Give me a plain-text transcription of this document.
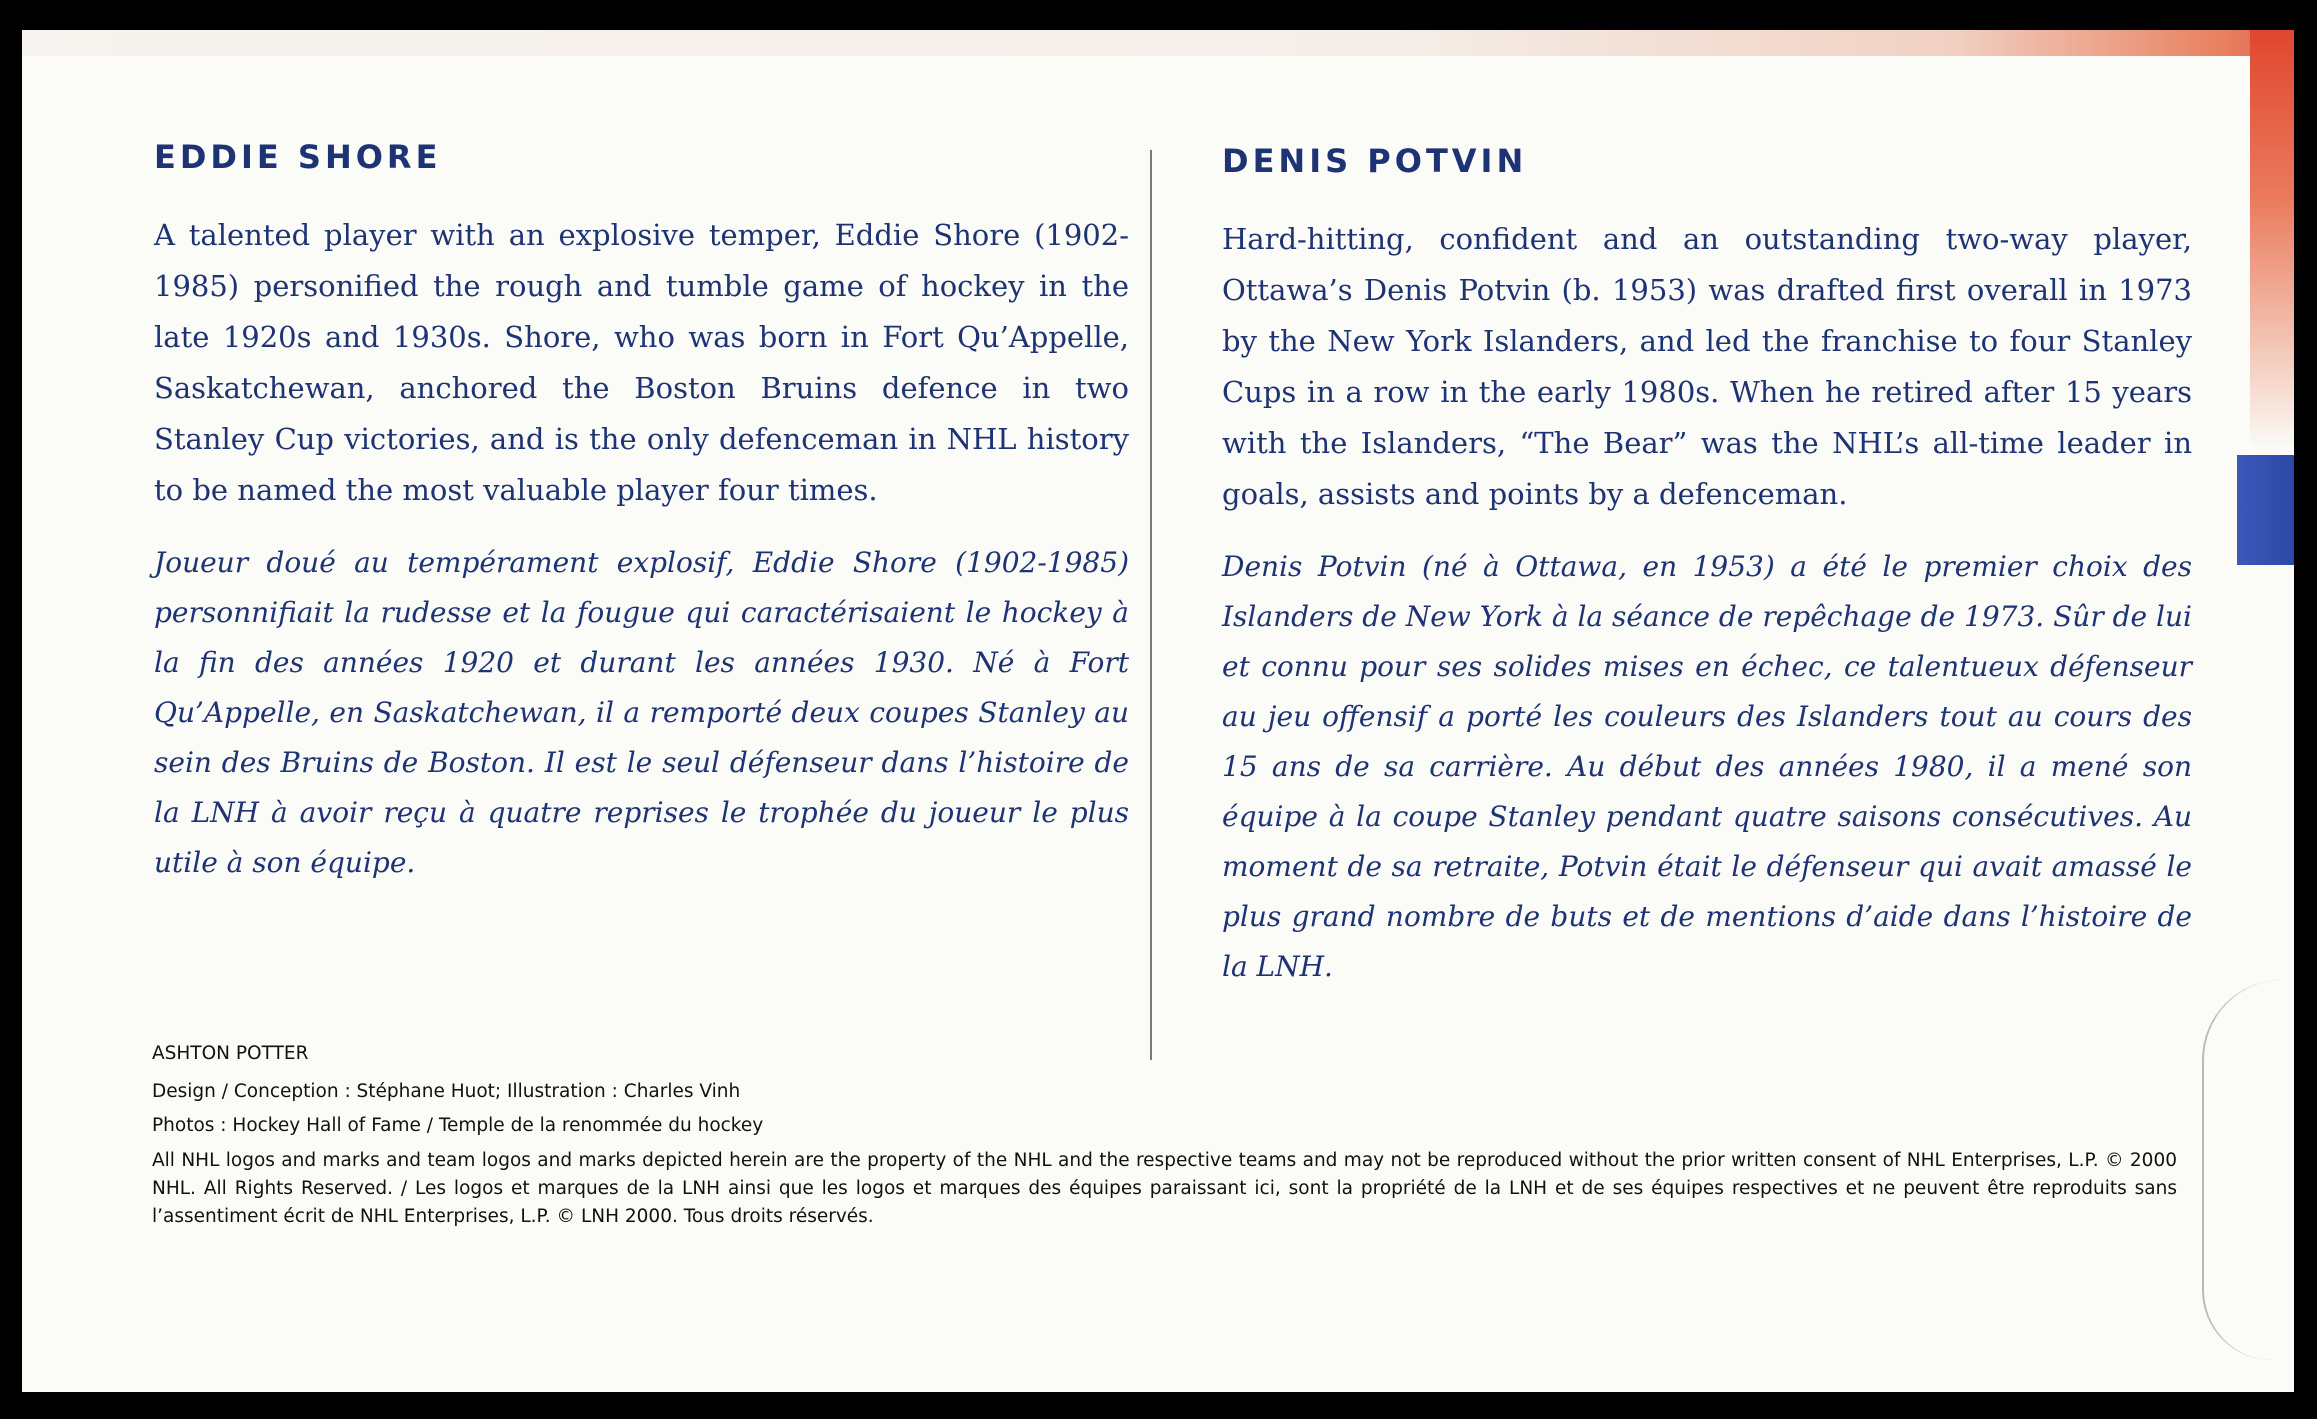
EDDIE SHORE

A talented player with an explosive temper, Eddie Shore (1902-1985) personified the rough and tumble game of hockey in the late 1920s and 1930s. Shore, who was born in Fort Qu’Appelle, Saskatchewan, anchored the Boston Bruins defence in two Stanley Cup victories, and is the only defenceman in NHL history to be named the most valuable player four times.

Joueur doué au tempérament explosif, Eddie Shore (1902-1985) personnifiait la rudesse et la fougue qui caractérisaient le hockey à la fin des années 1920 et durant les années 1930. Né à Fort Qu’Appelle, en Saskatchewan, il a remporté deux coupes Stanley au sein des Bruins de Boston. Il est le seul défenseur dans l’histoire de la LNH à avoir reçu à quatre reprises le trophée du joueur le plus utile à son équipe.

DENIS POTVIN

Hard-hitting, confident and an outstanding two-way player, Ottawa’s Denis Potvin (b. 1953) was drafted first overall in 1973 by the New York Islanders, and led the franchise to four Stanley Cups in a row in the early 1980s. When he retired after 15 years with the Islanders, “The Bear” was the NHL’s all-time leader in goals, assists and points by a defenceman.

Denis Potvin (né à Ottawa, en 1953) a été le premier choix des Islanders de New York à la séance de repêchage de 1973. Sûr de lui et connu pour ses solides mises en échec, ce talentueux défenseur au jeu offensif a porté les couleurs des Islanders tout au cours des 15 ans de sa carrière. Au début des années 1980, il a mené son équipe à la coupe Stanley pendant quatre saisons consécutives. Au moment de sa retraite, Potvin était le défenseur qui avait amassé le plus grand nombre de buts et de mentions d’aide dans l’histoire de la LNH.

ASHTON POTTER

Design / Conception : Stéphane Huot; Illustration : Charles Vinh

Photos : Hockey Hall of Fame / Temple de la renommée du hockey

All NHL logos and marks and team logos and marks depicted herein are the property of the NHL and the respective teams and may not be reproduced without the prior written consent of NHL Enterprises, L.P. © 2000 NHL. All Rights Reserved. / Les logos et marques de la LNH ainsi que les logos et marques des équipes paraissant ici, sont la propriété de la LNH et de ses équipes respectives et ne peuvent être reproduits sans l’assentiment écrit de NHL Enterprises, L.P. © LNH 2000. Tous droits réservés.
